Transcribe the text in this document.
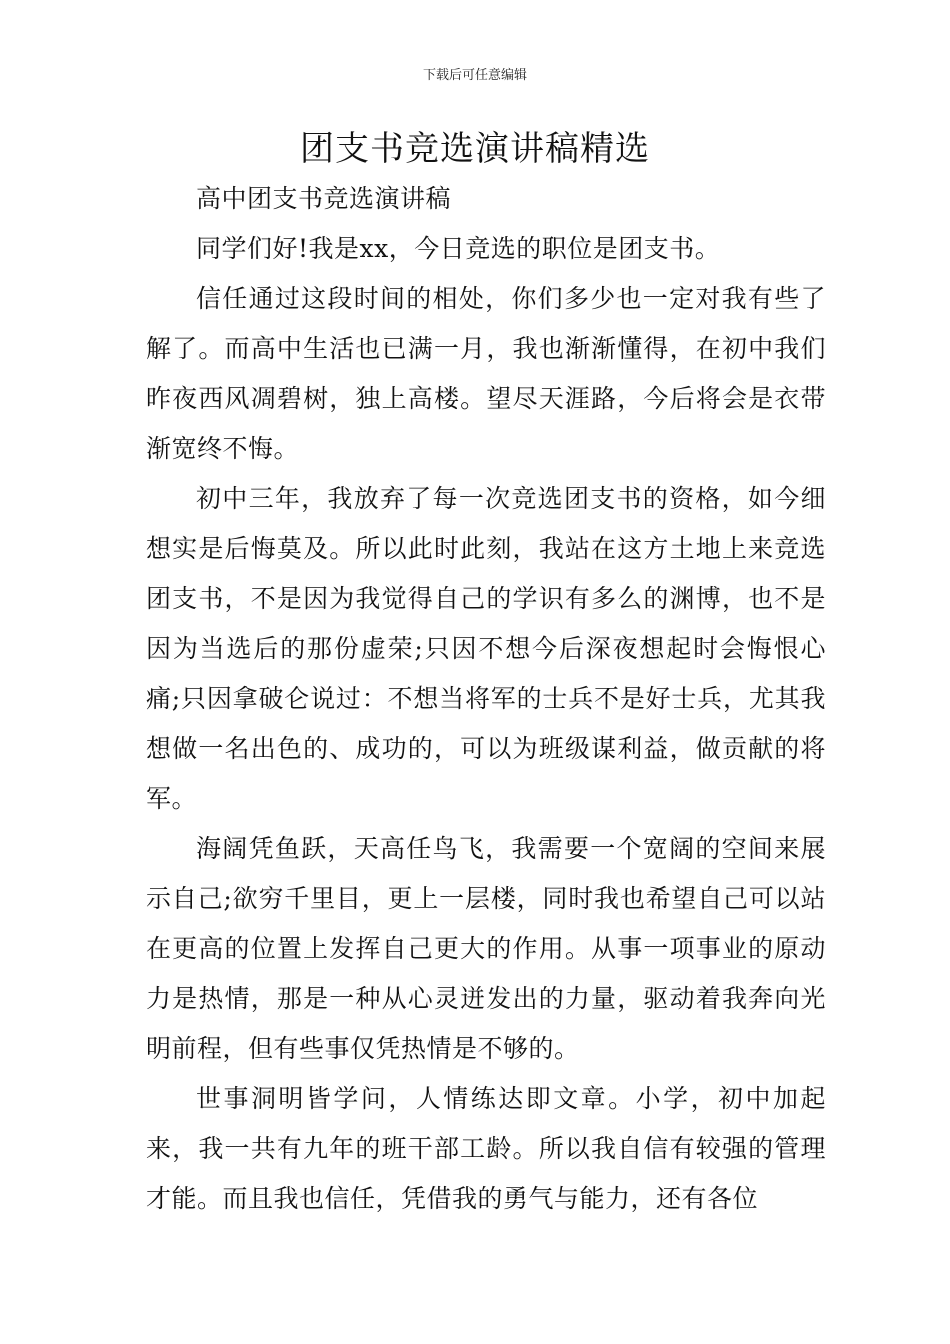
下载后可任意编辑
团支书竞选演讲稿精选

高中团支书竞选演讲稿

同学们好!我是xx，今日竞选的职位是团支书。

信任通过这段时间的相处，你们多少也一定对我有些了解了。而高中生活也已满一月，我也渐渐懂得，在初中我们昨夜西风凋碧树，独上高楼。望尽天涯路，今后将会是衣带渐宽终不悔。

初中三年，我放弃了每一次竞选团支书的资格，如今细想实是后悔莫及。所以此时此刻，我站在这方土地上来竞选团支书，不是因为我觉得自己的学识有多么的渊博，也不是因为当选后的那份虚荣;只因不想今后深夜想起时会悔恨心痛;只因拿破仑说过：不想当将军的士兵不是好士兵，尤其我想做一名出色的、成功的，可以为班级谋利益，做贡献的将军。

海阔凭鱼跃，天高任鸟飞，我需要一个宽阔的空间来展示自己;欲穷千里目，更上一层楼，同时我也希望自己可以站在更高的位置上发挥自己更大的作用。从事一项事业的原动力是热情，那是一种从心灵迸发出的力量，驱动着我奔向光明前程，但有些事仅凭热情是不够的。

世事洞明皆学问，人情练达即文章。小学，初中加起来，我一共有九年的班干部工龄。所以我自信有较强的管理才能。而且我也信任，凭借我的勇气与能力，还有各位
